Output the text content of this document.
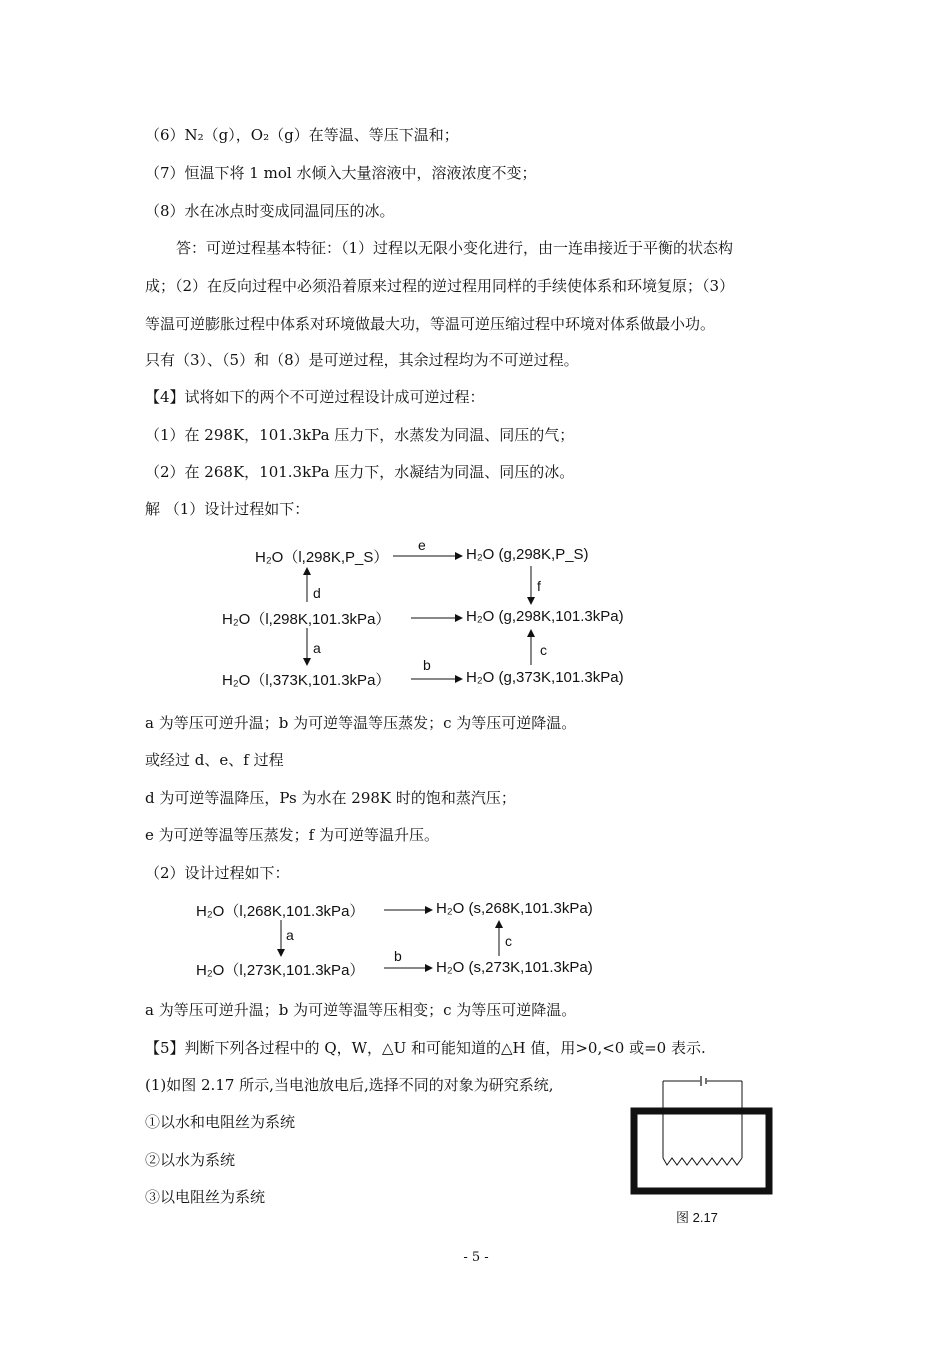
（6）N₂（g），O₂（g）在等温、等压下温和；
（7）恒温下将 1 mol 水倾入大量溶液中，溶液浓度不变；
（8）水在冰点时变成同温同压的冰。
答：可逆过程基本特征：（1）过程以无限小变化进行，由一连串接近于平衡的状态构
成；（2）在反向过程中必须沿着原来过程的逆过程用同样的手续使体系和环境复原；（3）
等温可逆膨胀过程中体系对环境做最大功，等温可逆压缩过程中环境对体系做最小功。
只有（3）、（5）和（8）是可逆过程，其余过程均为不可逆过程。
【4】试将如下的两个不可逆过程设计成可逆过程：
（1）在 298K，101.3kPa 压力下，水蒸发为同温、同压的气；
（2）在 268K，101.3kPa 压力下，水凝结为同温、同压的冰。
解 （1）设计过程如下：
H₂O（l,298K,P_S）	H₂O (g,298K,P_S)
H₂O（l,298K,101.3kPa）	H₂O (g,298K,101.3kPa)
H₂O（l,373K,101.3kPa）	H₂O (g,373K,101.3kPa)
e
d	f
a	c
b
a 为等压可逆升温；b 为可逆等温等压蒸发；c 为等压可逆降温。
或经过 d、e、f 过程
d 为可逆等温降压，Ps 为水在 298K 时的饱和蒸汽压；
e 为可逆等温等压蒸发；f 为可逆等温升压。
（2）设计过程如下：
H₂O（l,268K,101.3kPa）	H₂O (s,268K,101.3kPa)
H₂O（l,273K,101.3kPa）	H₂O (s,273K,101.3kPa)
a	c
b
a 为等压可逆升温；b 为可逆等温等压相变；c 为等压可逆降温。
【5】判断下列各过程中的 Q，W，△U 和可能知道的△H 值，用>0,<0 或=0 表示.
(1)如图 2.17 所示,当电池放电后,选择不同的对象为研究系统,
①以水和电阻丝为系统
②以水为系统
③以电阻丝为系统
图 2.17
- 5 -
